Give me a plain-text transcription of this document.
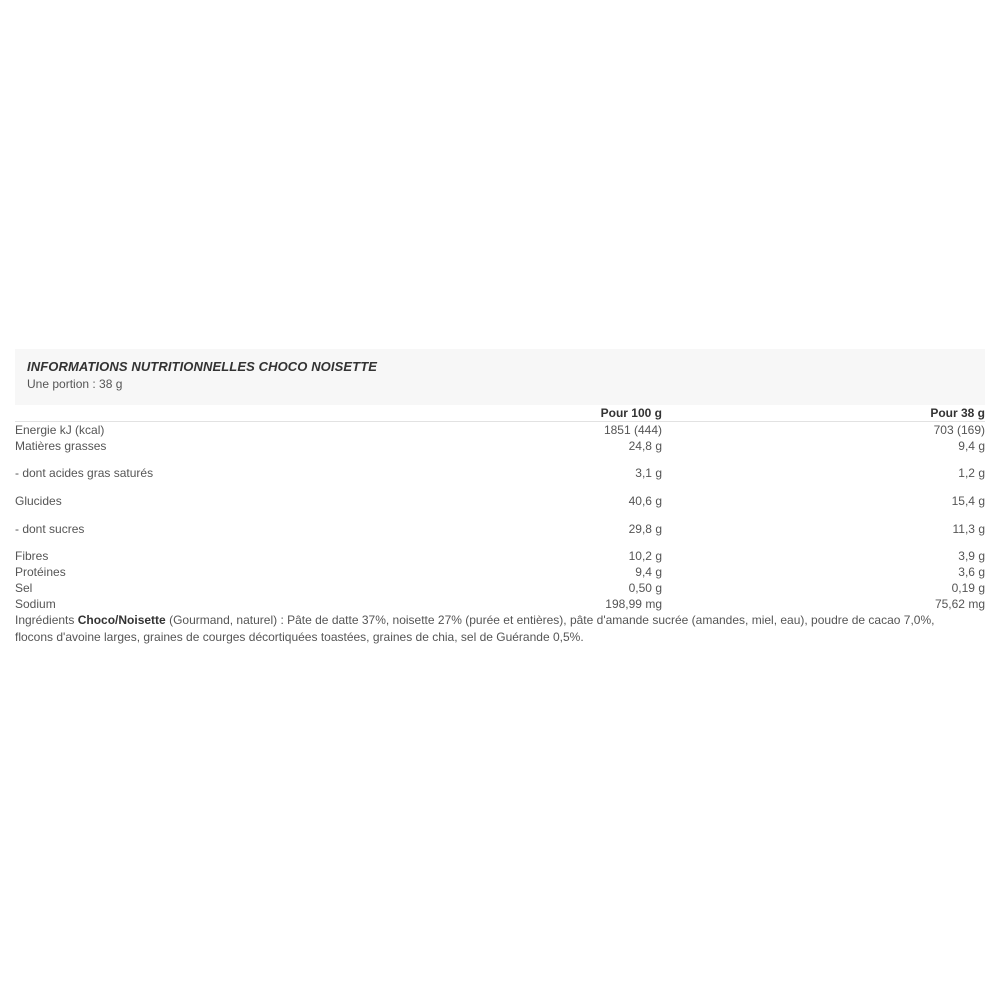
INFORMATIONS NUTRITIONNELLES CHOCO NOISETTE
Une portion : 38 g
	Pour 100 g	Pour 38 g
Energie kJ (kcal)	1851 (444)	703 (169)
Matières grasses	24,8 g	9,4 g
- dont acides gras saturés	3,1 g	1,2 g
Glucides	40,6 g	15,4 g
- dont sucres	29,8 g	11,3 g
Fibres	10,2 g	3,9 g
Protéines	9,4 g	3,6 g
Sel	0,50 g	0,19 g
Sodium	198,99 mg	75,62 mg
Ingrédients Choco/Noisette (Gourmand, naturel) : Pâte de datte 37%, noisette 27% (purée et entières), pâte d'amande sucrée (amandes, miel, eau), poudre de cacao 7,0%, flocons d'avoine larges, graines de courges décortiquées toastées, graines de chia, sel de Guérande 0,5%.
